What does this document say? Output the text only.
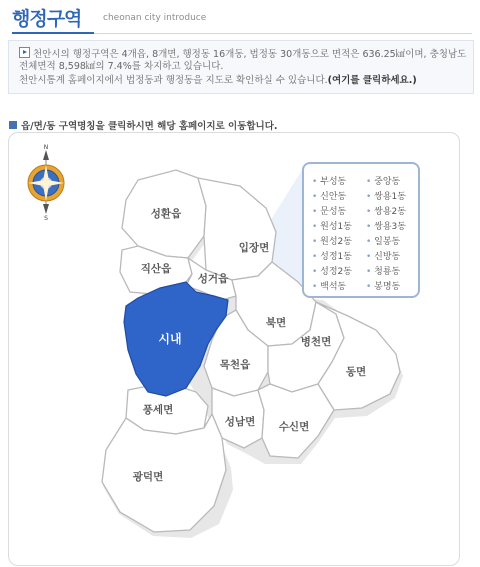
행정구역 cheonan city introduce
천안시의 행정구역은 4개읍, 8개면, 행정동 16개동, 법정동 30개동으로 면적은 636.25㎢이며, 충청남도
전체면적 8,598㎢의 7.4%를 차지하고 있습니다.
천안시통계 홈페이지에서 법정동과 행정동을 지도로 확인하실 수 있습니다.(여기를 클릭하세요.)
읍/면/동 구역명칭을 클릭하시면 해당 홈페이지로 이동합니다.
N
S	성환읍
직산읍
입장면
성거읍
시내
북면
목천읍
병천면
동면
풍세면
성남면 수신면
광덕면
• 부성동
• 신안동
• 문성동
• 원성1동
• 원성2동
• 성정1동
• 성정2동
• 백석동
• 중앙동
• 쌍용1동
• 쌍용2동
• 쌍용3동
• 일봉동
• 신방동
• 청룡동
• 봉명동
